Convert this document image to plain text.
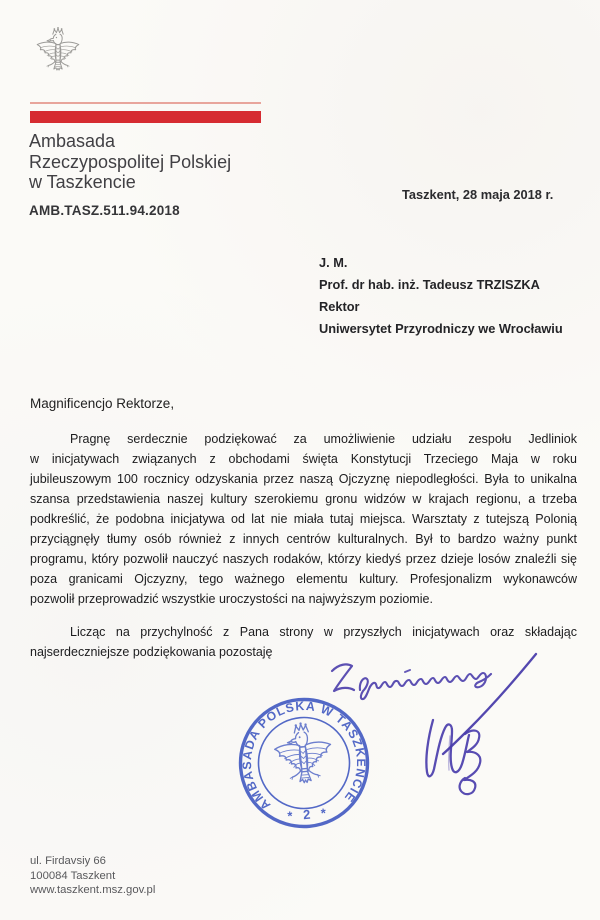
Ambasada
Rzeczypospolitej Polskiej
w Taszkencie
AMB.TASZ.511.94.2018
Taszkent, 28 maja 2018 r.
J. M.
Prof. dr hab. inż. Tadeusz TRZISZKA
Rektor
Uniwersytet Przyrodniczy we Wrocławiu
Magnificencjo Rektorze,
Pragnę serdecznie podziękować za umożliwienie udziału zespołu Jedliniok
w inicjatywach związanych z obchodami święta Konstytucji Trzeciego Maja w roku
jubileuszowym 100 rocznicy odzyskania przez naszą Ojczyznę niepodległości. Była to unikalna
szansa przedstawienia naszej kultury szerokiemu gronu widzów w krajach regionu, a trzeba
podkreślić, że podobna inicjatywa od lat nie miała tutaj miejsca. Warsztaty z tutejszą Polonią
przyciągnęły tłumy osób również z innych centrów kulturalnych. Był to bardzo ważny punkt
programu, który pozwolił nauczyć naszych rodaków, którzy kiedyś przez dzieje losów znaleźli się
poza granicami Ojczyzny, tego ważnego elementu kultury. Profesjonalizm wykonawców
pozwolił przeprowadzić wszystkie uroczystości na najwyższym poziomie.
Licząc na przychylność z Pana strony w przyszłych inicjatywach oraz składając
najserdeczniejsze podziękowania pozostaję
AMBASADA POLSKA W TASZKENCIE
* 2 *
ul. Firdavsiy 66
100084 Taszkent
www.taszkent.msz.gov.pl
